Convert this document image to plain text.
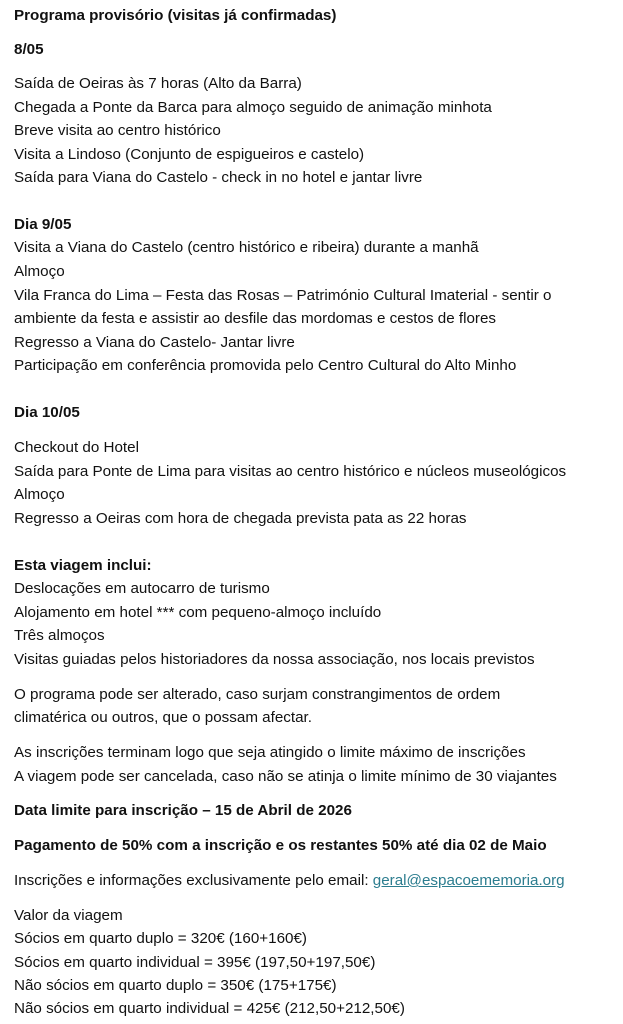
Programa provisório (visitas já confirmadas)
8/05
Saída de Oeiras às 7 horas (Alto da Barra)
Chegada a Ponte da Barca para almoço seguido de animação minhota
Breve visita ao centro histórico
Visita a Lindoso (Conjunto de espigueiros e castelo)
Saída para Viana do Castelo - check in no hotel e jantar livre
Dia 9/05
Visita a Viana do Castelo (centro histórico e ribeira) durante a manhã
Almoço
Vila Franca do Lima – Festa das Rosas – Património Cultural Imaterial - sentir o
ambiente da festa e assistir ao desfile das mordomas e cestos de flores
Regresso a Viana do Castelo- Jantar livre
Participação em conferência promovida pelo Centro Cultural do Alto Minho
Dia 10/05
Checkout do Hotel
Saída para Ponte de Lima para visitas ao centro histórico e núcleos museológicos
Almoço
Regresso a Oeiras com hora de chegada prevista pata as 22 horas
Esta viagem inclui:
Deslocações em autocarro de turismo
Alojamento em hotel *** com pequeno-almoço incluído
Três almoços
Visitas guiadas pelos historiadores da nossa associação, nos locais previstos
O programa pode ser alterado, caso surjam constrangimentos de ordem
climatérica ou outros, que o possam afectar.
As inscrições terminam logo que seja atingido o limite máximo de inscrições
A viagem pode ser cancelada, caso não se atinja o limite mínimo de 30 viajantes
Data limite para inscrição – 15 de Abril de 2026
Pagamento de 50% com a inscrição e os restantes 50% até dia 02 de Maio
Inscrições e informações exclusivamente pelo email: geral@espacoememoria.org
Valor da viagem
Sócios em quarto duplo = 320€ (160+160€)
Sócios em quarto individual = 395€ (197,50+197,50€)
Não sócios em quarto duplo = 350€ (175+175€)
Não sócios em quarto individual = 425€ (212,50+212,50€)
